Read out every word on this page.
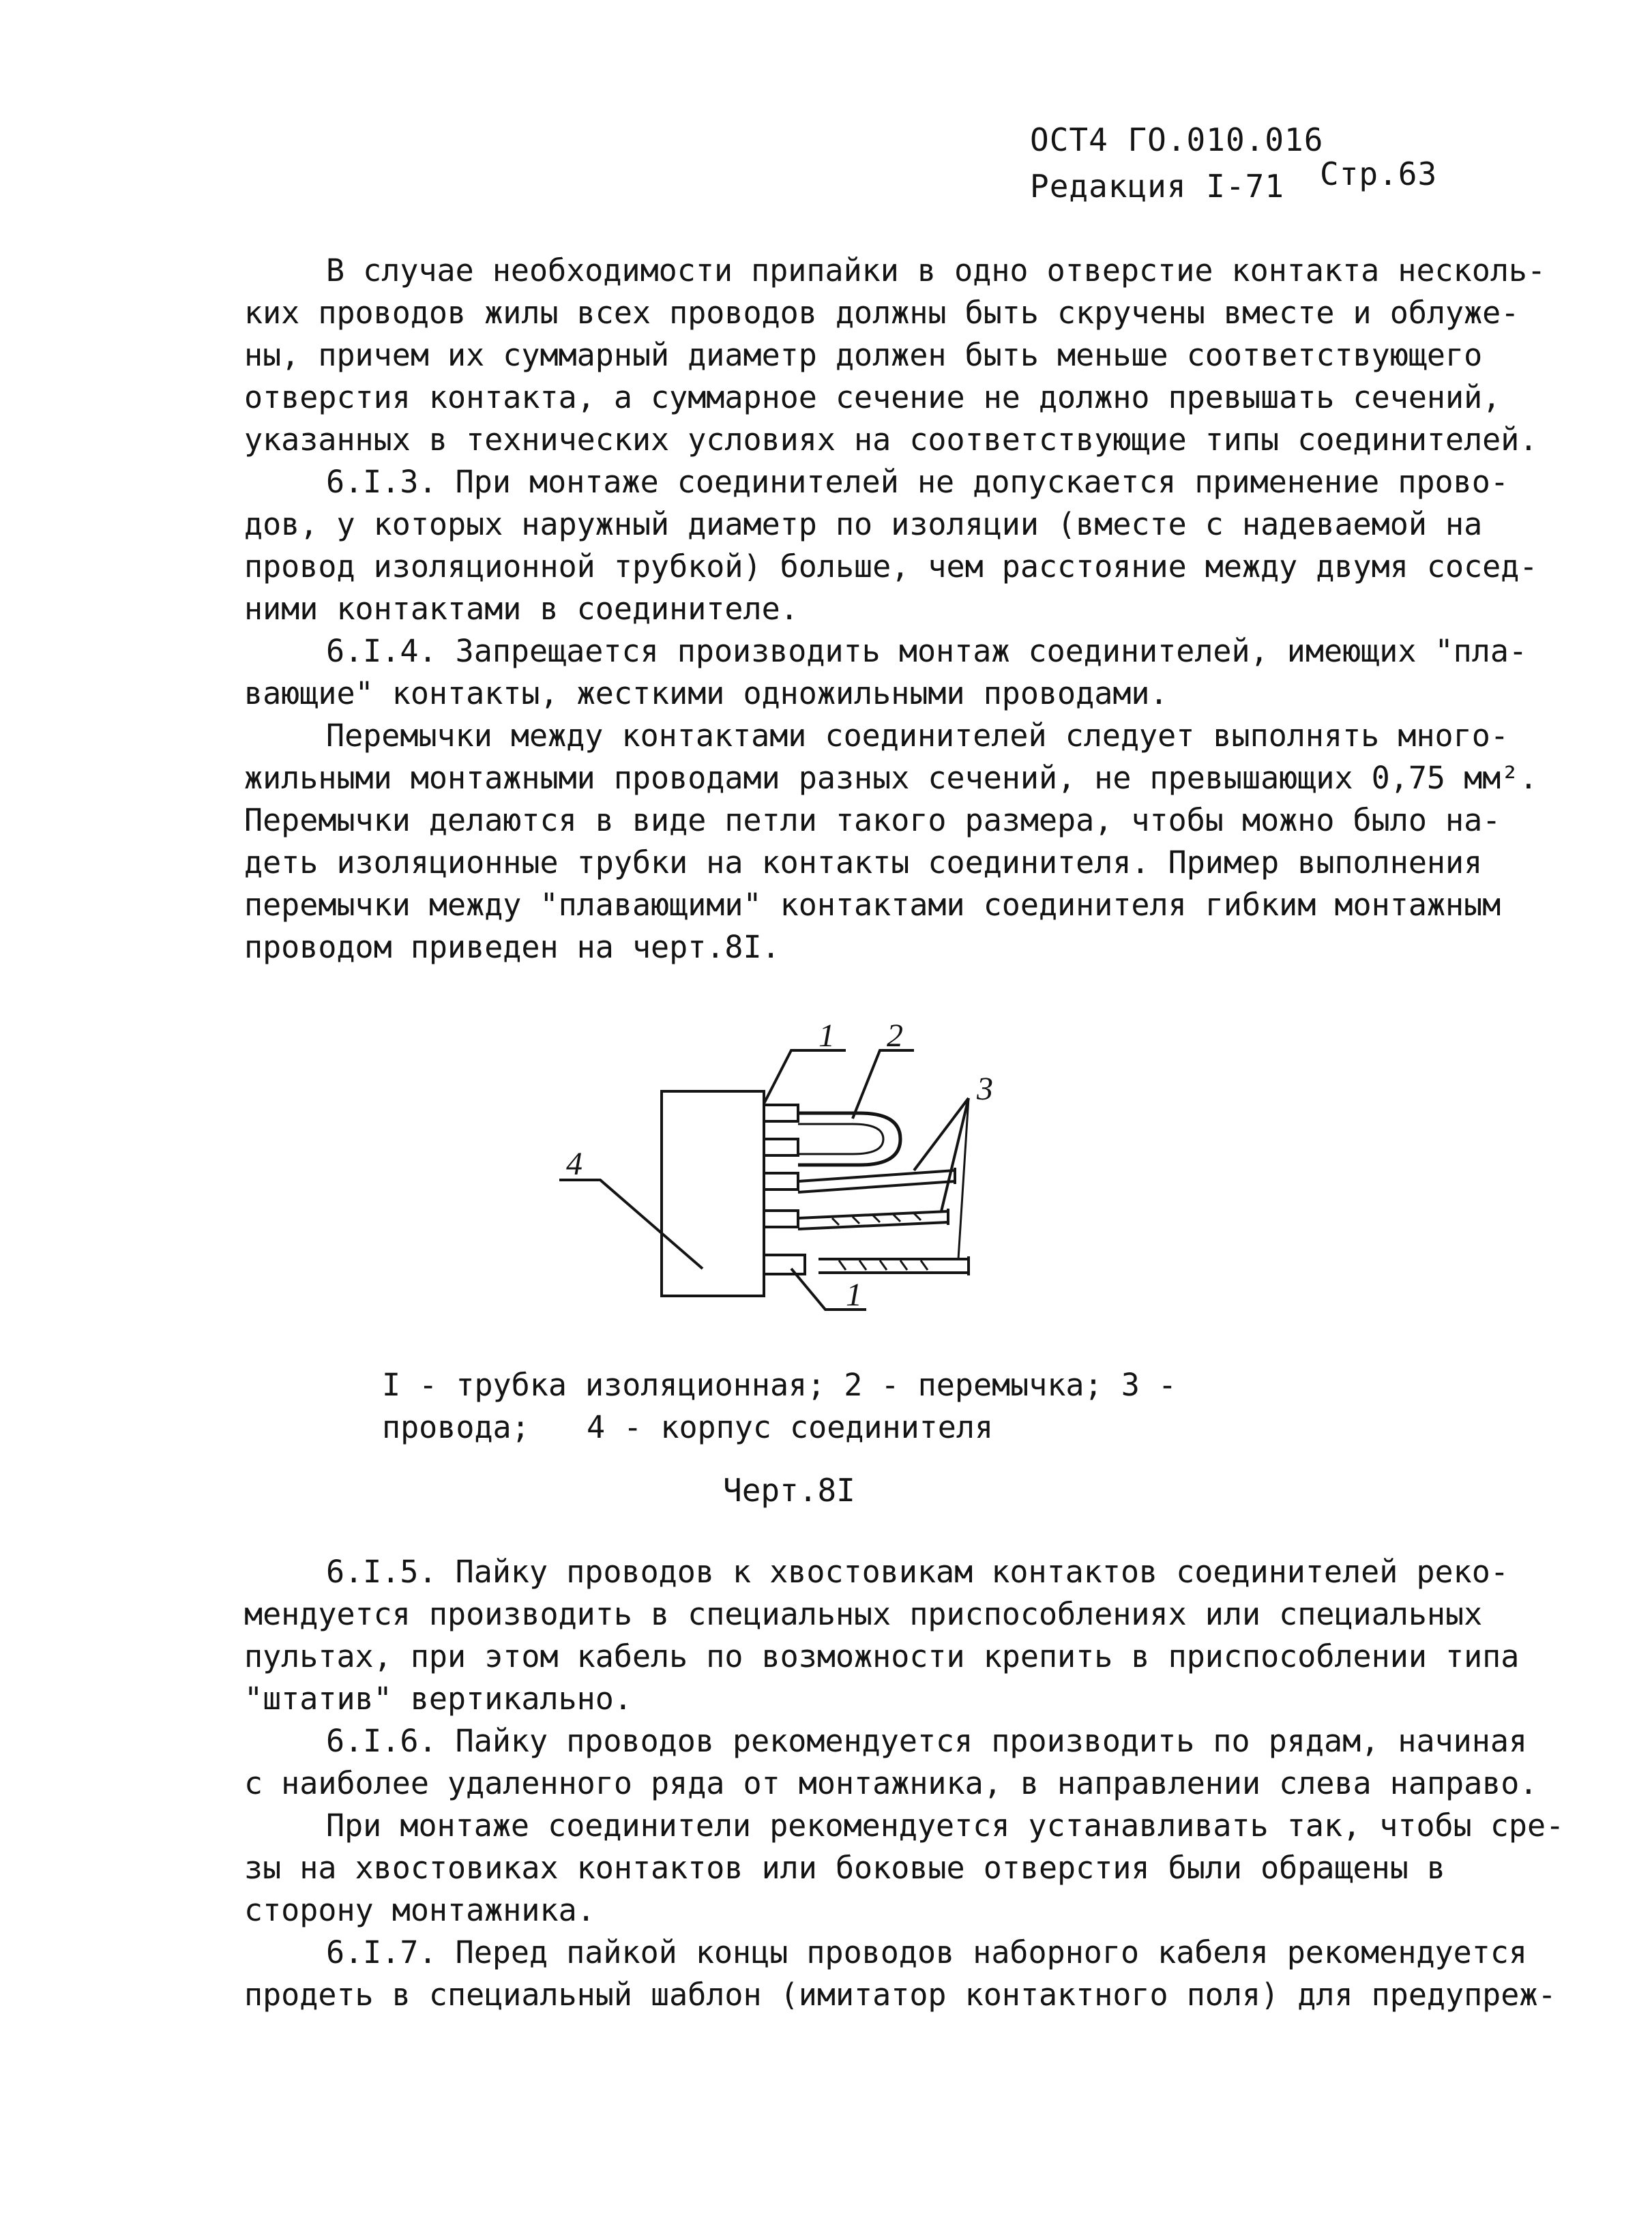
ОСТ4 ГО.010.016
Редакция I-71 Стр.63
В случае необходимости припайки в одно отверстие контакта несколь-
ких проводов жилы всех проводов должны быть скручены вместе и облуже-
ны, причем их суммарный диаметр должен быть меньше соответствующего
отверстия контакта, а суммарное сечение не должно превышать сечений,
указанных в технических условиях на соответствующие типы соединителей.
6.I.3. При монтаже соединителей не допускается применение прово-
дов, у которых наружный диаметр по изоляции (вместе с надеваемой на
провод изоляционной трубкой) больше, чем расстояние между двумя сосед-
ними контактами в соединителе.
6.I.4. Запрещается производить монтаж соединителей, имеющих "пла-
вающие" контакты, жесткими одножильными проводами.
Перемычки между контактами соединителей следует выполнять много-
жильными монтажными проводами разных сечений, не превышающих 0,75 мм².
Перемычки делаются в виде петли такого размера, чтобы можно было на-
деть изоляционные трубки на контакты соединителя. Пример выполнения
перемычки между "плавающими" контактами соединителя гибким монтажным
проводом приведен на черт.8I.
1 2
3
4
1
I - трубка изоляционная; 2 - перемычка; 3 - провода;	4 - корпус соединителя
Черт.8I
6.I.5. Пайку проводов к хвостовикам контактов соединителей реко-
мендуется производить в специальных приспособлениях или специальных
пультах, при этом кабель по возможности крепить в приспособлении типа
"штатив" вертикально.
6.I.6. Пайку проводов рекомендуется производить по рядам, начиная
с наиболее удаленного ряда от монтажника, в направлении слева направо.
При монтаже соединители рекомендуется устанавливать так, чтобы сре-
зы на хвостовиках контактов или боковые отверстия были обращены в
сторону монтажника.
6.I.7. Перед пайкой концы проводов наборного кабеля рекомендуется
продеть в специальный шаблон (имитатор контактного поля) для предупреж-
